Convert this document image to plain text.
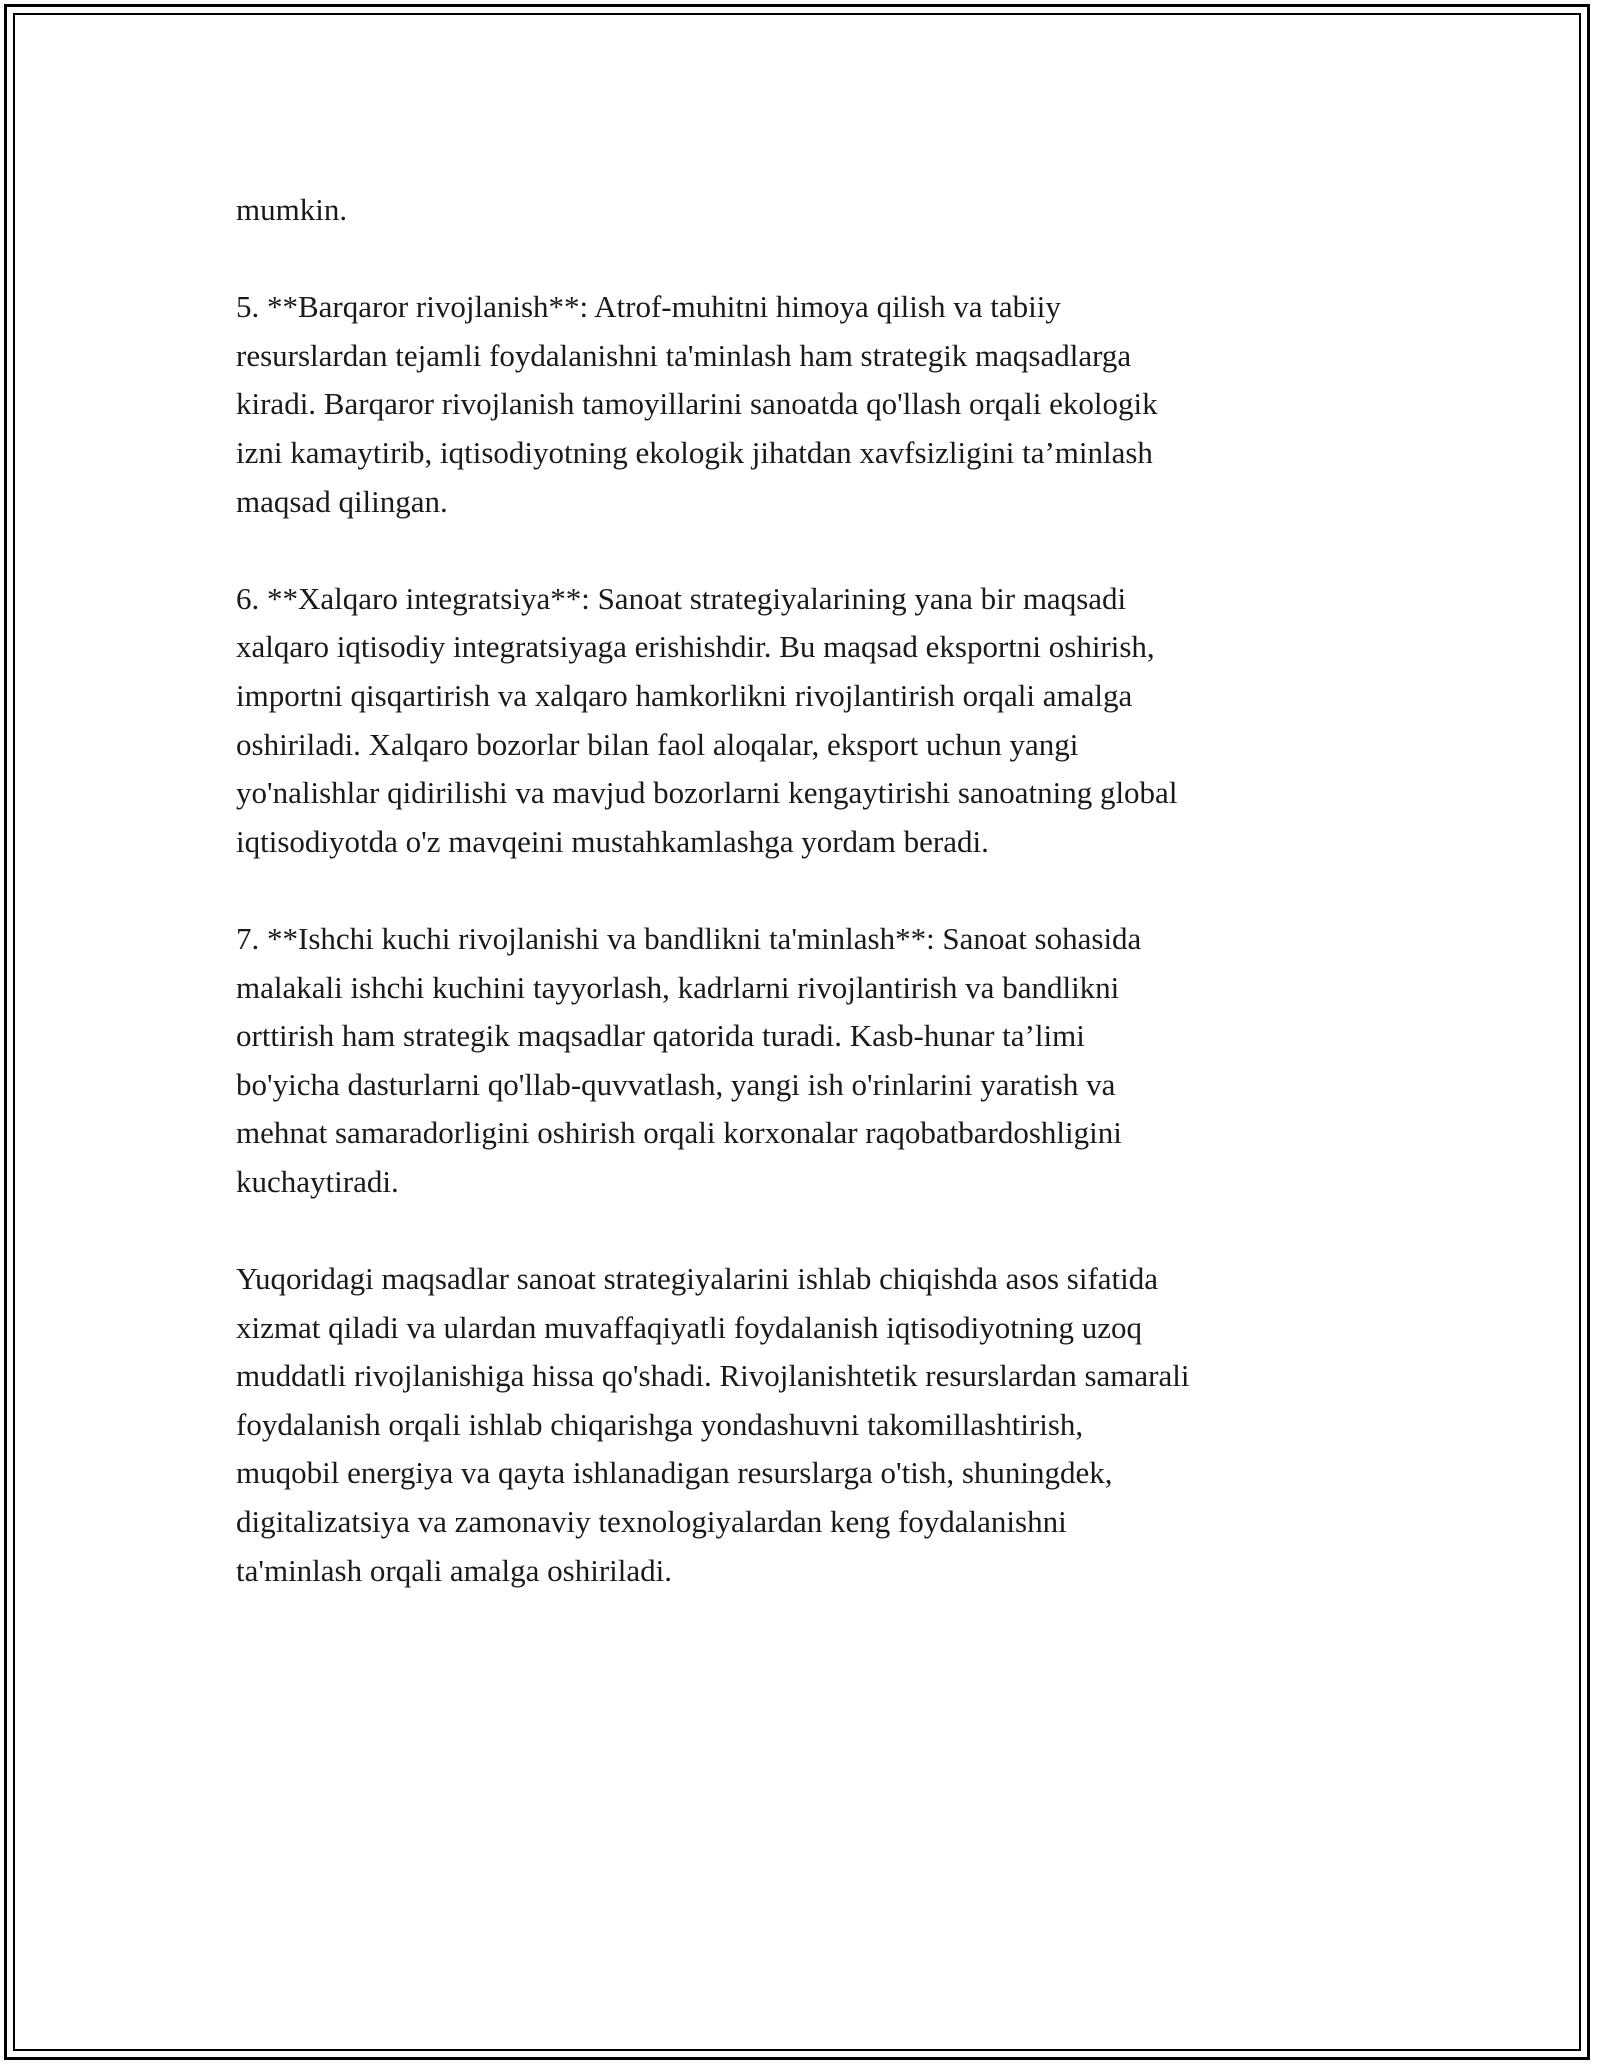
mumkin.

5. **Barqaror rivojlanish**: Atrof-muhitni himoya qilish va tabiiy
resurslardan tejamli foydalanishni ta'minlash ham strategik maqsadlarga
kiradi. Barqaror rivojlanish tamoyillarini sanoatda qo'llash orqali ekologik
izni kamaytirib, iqtisodiyotning ekologik jihatdan xavfsizligini ta’minlash
maqsad qilingan.

6. **Xalqaro integratsiya**: Sanoat strategiyalarining yana bir maqsadi
xalqaro iqtisodiy integratsiyaga erishishdir. Bu maqsad eksportni oshirish,
importni qisqartirish va xalqaro hamkorlikni rivojlantirish orqali amalga
oshiriladi. Xalqaro bozorlar bilan faol aloqalar, eksport uchun yangi
yo'nalishlar qidirilishi va mavjud bozorlarni kengaytirishi sanoatning global
iqtisodiyotda o'z mavqeini mustahkamlashga yordam beradi.

7. **Ishchi kuchi rivojlanishi va bandlikni ta'minlash**: Sanoat sohasida
malakali ishchi kuchini tayyorlash, kadrlarni rivojlantirish va bandlikni
orttirish ham strategik maqsadlar qatorida turadi. Kasb-hunar ta’limi
bo'yicha dasturlarni qo'llab-quvvatlash, yangi ish o'rinlarini yaratish va
mehnat samaradorligini oshirish orqali korxonalar raqobatbardoshligini
kuchaytiradi.

Yuqoridagi maqsadlar sanoat strategiyalarini ishlab chiqishda asos sifatida
xizmat qiladi va ulardan muvaffaqiyatli foydalanish iqtisodiyotning uzoq
muddatli rivojlanishiga hissa qo'shadi. Rivojlanishtetik resurslardan samarali
foydalanish orqali ishlab chiqarishga yondashuvni takomillashtirish,
muqobil energiya va qayta ishlanadigan resurslarga o'tish, shuningdek,
digitalizatsiya va zamonaviy texnologiyalardan keng foydalanishni
ta'minlash orqali amalga oshiriladi.
